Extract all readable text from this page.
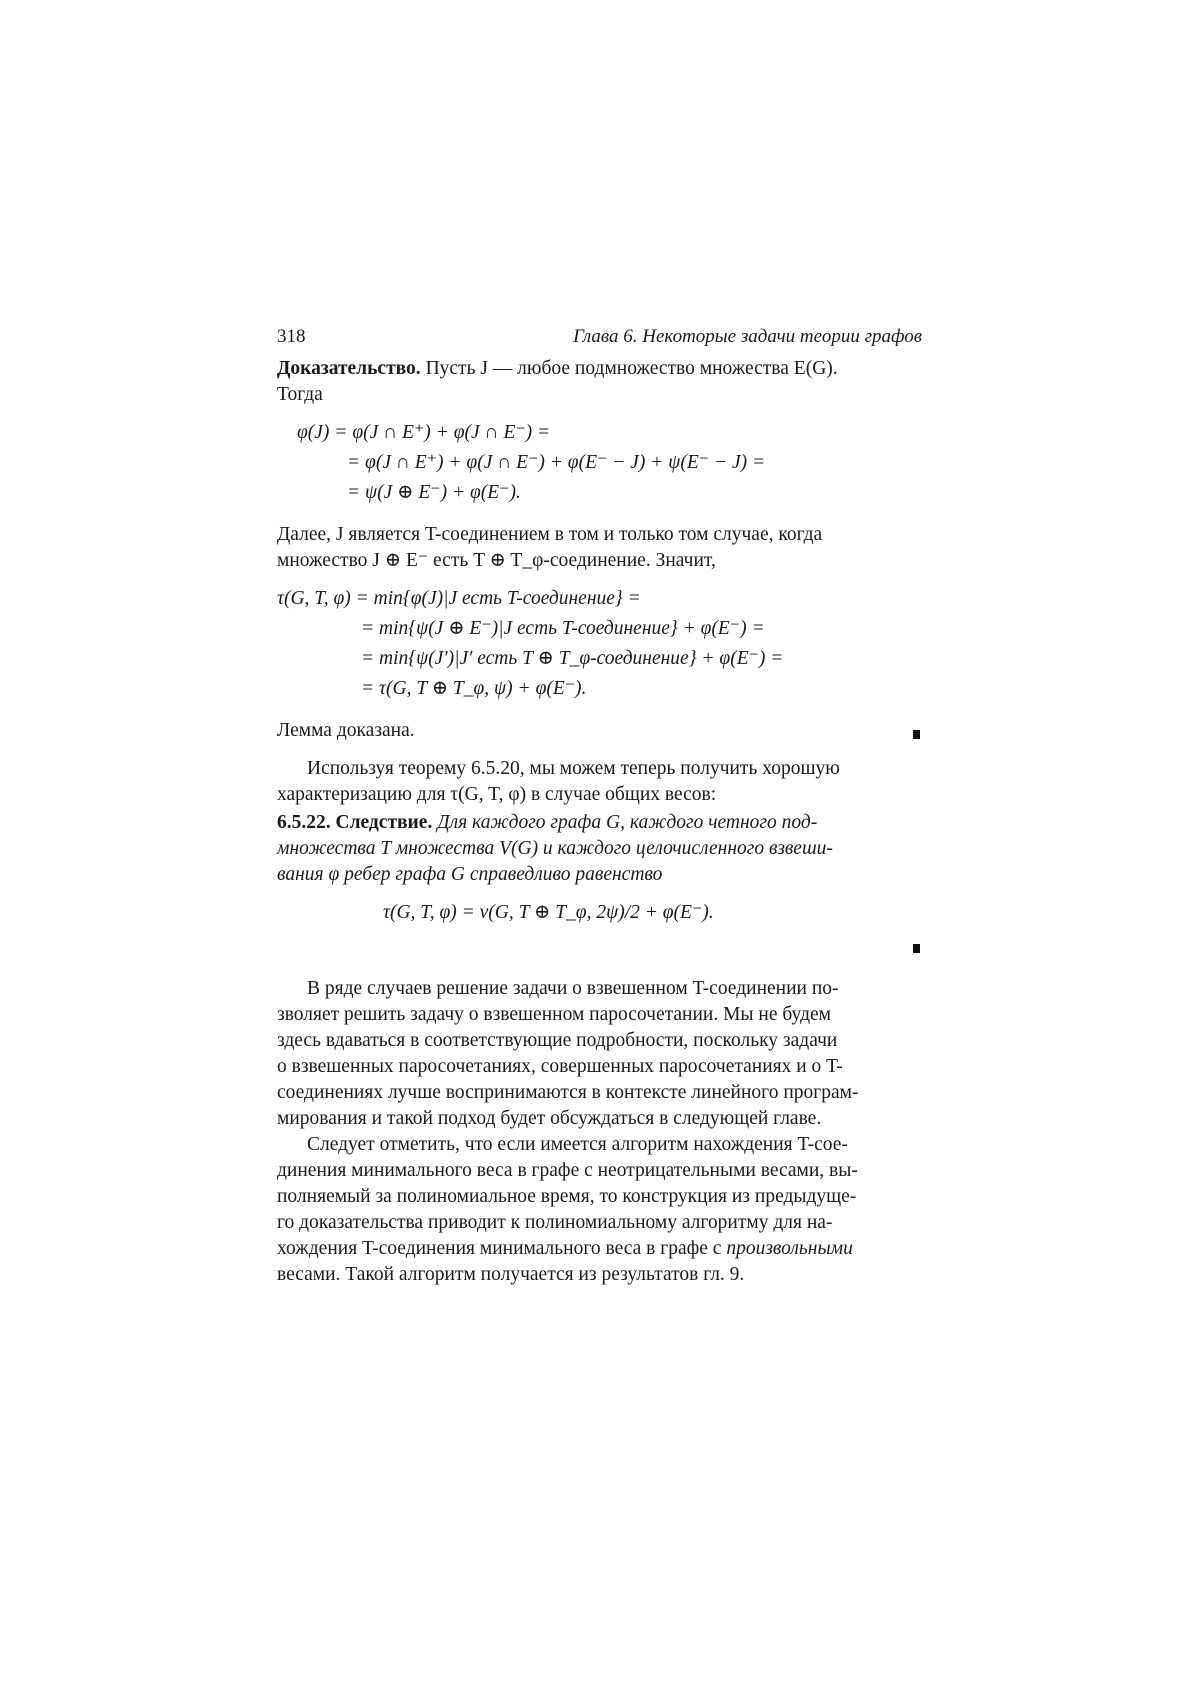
318	Глава 6. Некоторые задачи теории графов

Доказательство. Пусть J — любое подмножество множества E(G).
Тогда

φ(J) = φ(J ∩ E⁺) + φ(J ∩ E⁻) =
= φ(J ∩ E⁺) + φ(J ∩ E⁻) + φ(E⁻ − J) + ψ(E⁻ − J) =
= ψ(J ⊕ E⁻) + φ(E⁻).

Далее, J является T-соединением в том и только том случае, когда
множество J ⊕ E⁻ есть T ⊕ T_φ-соединение. Значит,

τ(G, T, φ) = min{φ(J)|J есть T-соединение} =
= min{ψ(J ⊕ E⁻)|J есть T-соединение} + φ(E⁻) =
= min{ψ(J′)|J′ есть T ⊕ T_φ-соединение} + φ(E⁻) =
= τ(G, T ⊕ T_φ, ψ) + φ(E⁻).

Лемма доказана.

Используя теорему 6.5.20, мы можем теперь получить хорошую
характеризацию для τ(G, T, φ) в случае общих весов:

6.5.22. Следствие. Для каждого графа G, каждого четного под-
множества T множества V(G) и каждого целочисленного взвеши-
вания φ ребер графа G справедливо равенство

τ(G, T, φ) = ν(G, T ⊕ T_φ, 2ψ)/2 + φ(E⁻).

В ряде случаев решение задачи о взвешенном T-соединении по-
зволяет решить задачу о взвешенном паросочетании. Мы не будем
здесь вдаваться в соответствующие подробности, поскольку задачи
о взвешенных паросочетаниях, совершенных паросочетаниях и о T-
соединениях лучше воспринимаются в контексте линейного програм-
мирования и такой подход будет обсуждаться в следующей главе.

Следует отметить, что если имеется алгоритм нахождения T-сое-
динения минимального веса в графе с неотрицательными весами, вы-
полняемый за полиномиальное время, то конструкция из предыдуще-
го доказательства приводит к полиномиальному алгоритму для на-
хождения T-соединения минимального веса в графе с произвольными
весами. Такой алгоритм получается из результатов гл. 9.
